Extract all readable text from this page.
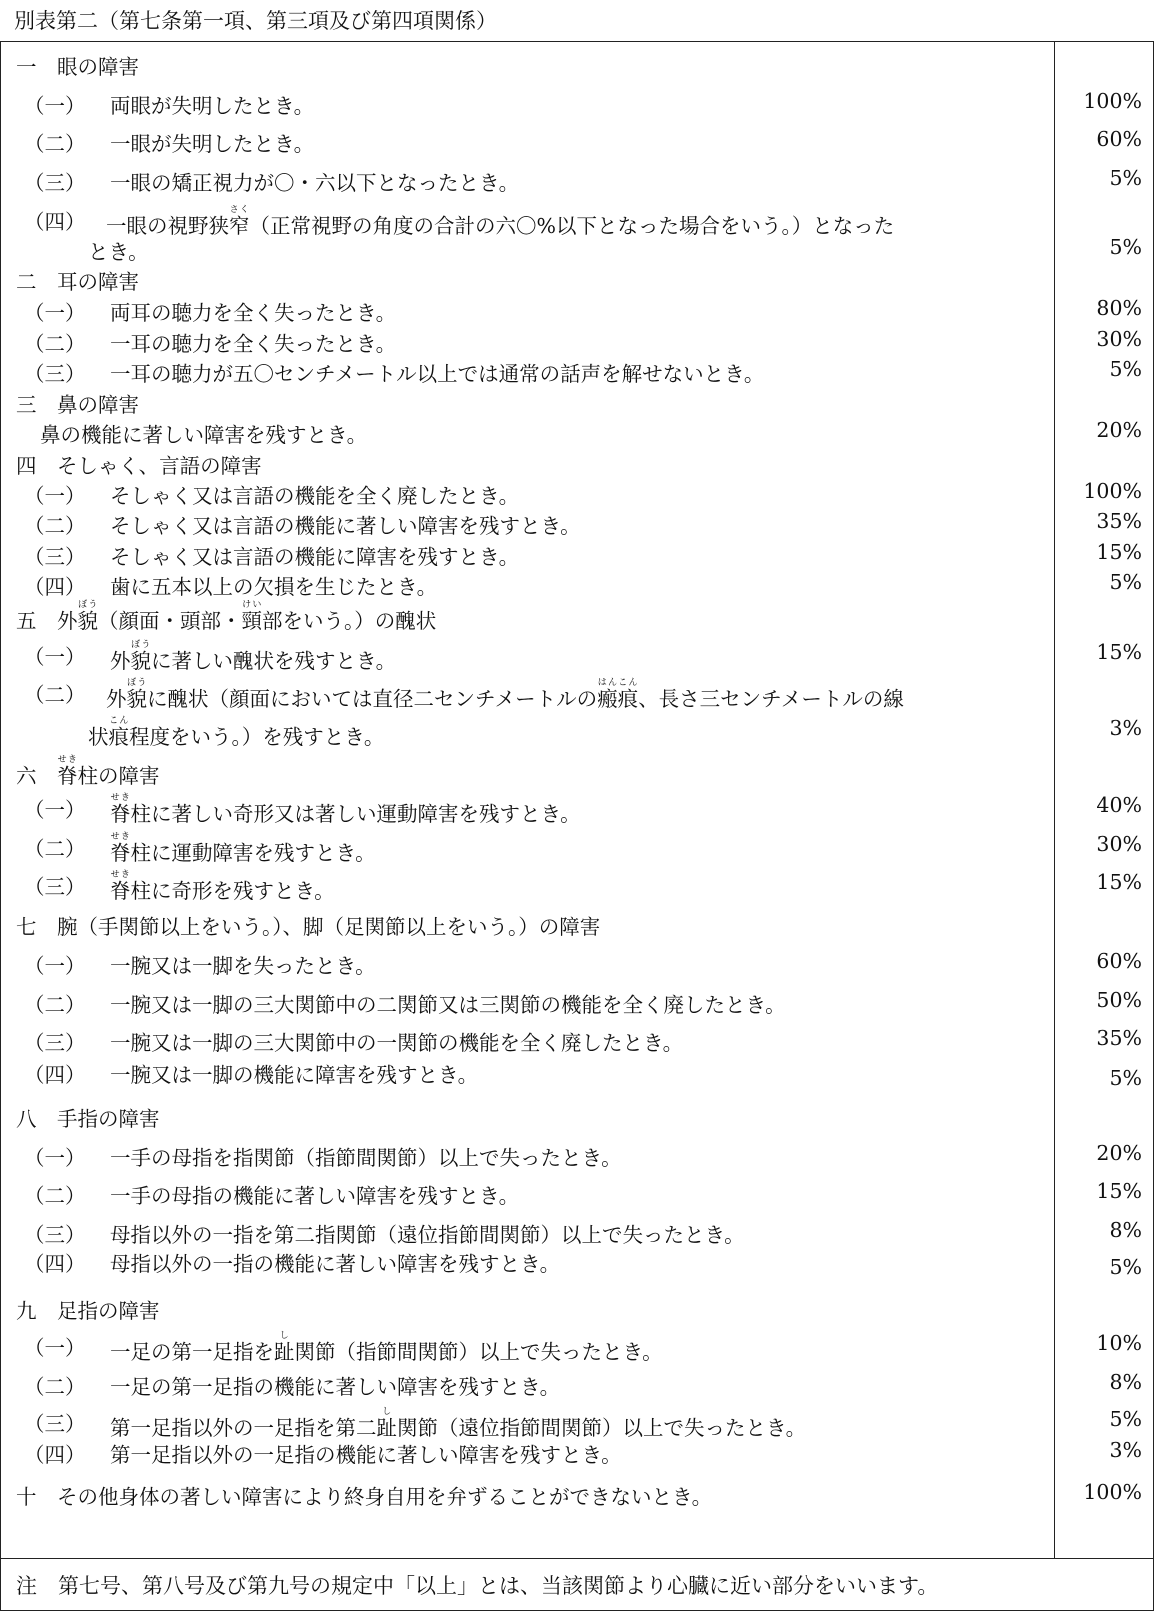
別表第二（第七条第一項、第三項及び第四項関係）
一　眼の障害
（一） 両眼が失明したとき。	100%
（二） 一眼が失明したとき。	60%
（三） 一眼の矯正視力が〇・六以下となったとき。	5%
（四） 一眼の視野狭窄さく（正常視野の角度の合計の六〇%以下となった場合をいう。）となった
とき。	5%
二　耳の障害
（一） 両耳の聴力を全く失ったとき。	80%
（二） 一耳の聴力を全く失ったとき。	30%
（三） 一耳の聴力が五〇センチメートル以上では通常の話声を解せないとき。	5%
三　鼻の障害
鼻の機能に著しい障害を残すとき。	20%
四　そしゃく、言語の障害
（一） そしゃく又は言語の機能を全く廃したとき。	100%
（二） そしゃく又は言語の機能に著しい障害を残すとき。	35%
（三） そしゃく又は言語の機能に障害を残すとき。	15%
（四） 歯に五本以上の欠損を生じたとき。	5%
五　外貌ぼう（顔面・頭部・頸けい部をいう。）の醜状
（一） 外貌ぼうに著しい醜状を残すとき。	15%
（二） 外貌ぼうに醜状（顔面においては直径二センチメートルの瘢痕はんこん、長さ三センチメートルの線
状痕こん程度をいう。）を残すとき。	3%
六　脊せき柱の障害
（一） 脊せき柱に著しい奇形又は著しい運動障害を残すとき。	40%
（二） 脊せき柱に運動障害を残すとき。	30%
（三） 脊せき柱に奇形を残すとき。	15%
七　腕（手関節以上をいう。）、脚（足関節以上をいう。）の障害
（一） 一腕又は一脚を失ったとき。	60%
（二） 一腕又は一脚の三大関節中の二関節又は三関節の機能を全く廃したとき。	50%
（三） 一腕又は一脚の三大関節中の一関節の機能を全く廃したとき。	35%
（四） 一腕又は一脚の機能に障害を残すとき。	5%
八　手指の障害
（一） 一手の母指を指関節（指節間関節）以上で失ったとき。	20%
（二） 一手の母指の機能に著しい障害を残すとき。	15%
（三） 母指以外の一指を第二指関節（遠位指節間関節）以上で失ったとき。	8%
（四） 母指以外の一指の機能に著しい障害を残すとき。	5%
九　足指の障害
（一） 一足の第一足指を趾し関節（指節間関節）以上で失ったとき。	10%
（二） 一足の第一足指の機能に著しい障害を残すとき。	8%
（三） 第一足指以外の一足指を第二趾し関節（遠位指節間関節）以上で失ったとき。	5%
（四） 第一足指以外の一足指の機能に著しい障害を残すとき。	3%
十　その他身体の著しい障害により終身自用を弁ずることができないとき。	100%
注　第七号、第八号及び第九号の規定中「以上」とは、当該関節より心臓に近い部分をいいます。
